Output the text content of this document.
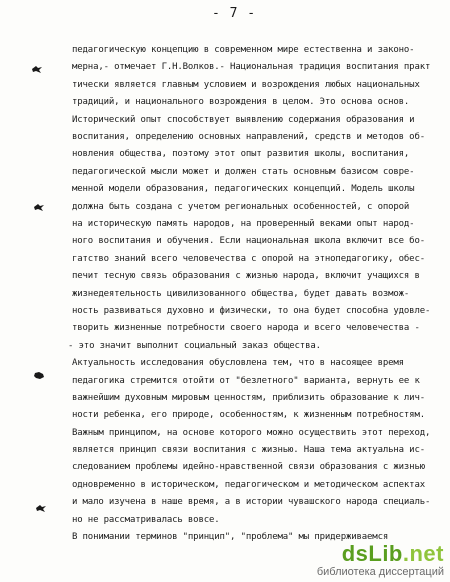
- 7 -
педагогическую концепцию в современном мире естественна и законо-
мерна,- отмечает Г.Н.Волков.- Национальная традиция воспитания практ
тически является главным условием и возрождения любых национальных
традиций, и национального возрождения в целом. Это основа основ.
Исторический опыт способствует выявлению содержания образования и
воспитания, определению основных направлений, средств и методов об-
новления общества, поэтому этот опыт развития школы, воспитания,
педагогической мысли может и должен стать основным базисом совре-
менной модели образования, педагогических концепций. Модель школы
должна быть создана с учетом региональных особенностей, с опорой
на историческую память народов, на проверенный веками опыт народ-
ного воспитания и обучения. Если национальная школа включит все бо-
гатство знаний всего человечества с опорой на этнопедагогику, обес-
печит тесную связь образования с жизнью народа, включит учащихся в
жизнедеятельность цивилизованного общества, будет давать возмож-
ность развиваться духовно и физически, то она будет способна удовле-
творить жизненные потребности своего народа и всего человечества -
- это значит выполнит социальный заказ общества.
Актуальность исследования обусловлена тем, что в насоящее время
педагогика стремится отойти от "безлетного" варианта, вернуть ее к
важнейшим духовным мировым ценностям, приблизить образование к лич-
ности ребенка, его природе, особенностям, к жизненным потребностям.
Важным принципом, на основе которого можно осуществить этот переход,
является принцип связи воспитания с жизнью. Наша тема актуальна ис-
следованием проблемы идейно-нравственной связи образования с жизнью
одновременно в историческом, педагогическом и методическом аспектах
и мало изучена в наше время, а в истории чувашского народа специаль-
но не рассматривалась вовсе.
В понимании терминов "принцип", "проблема" мы придерживаемся
dsLib.net
библиотека диссертаций
